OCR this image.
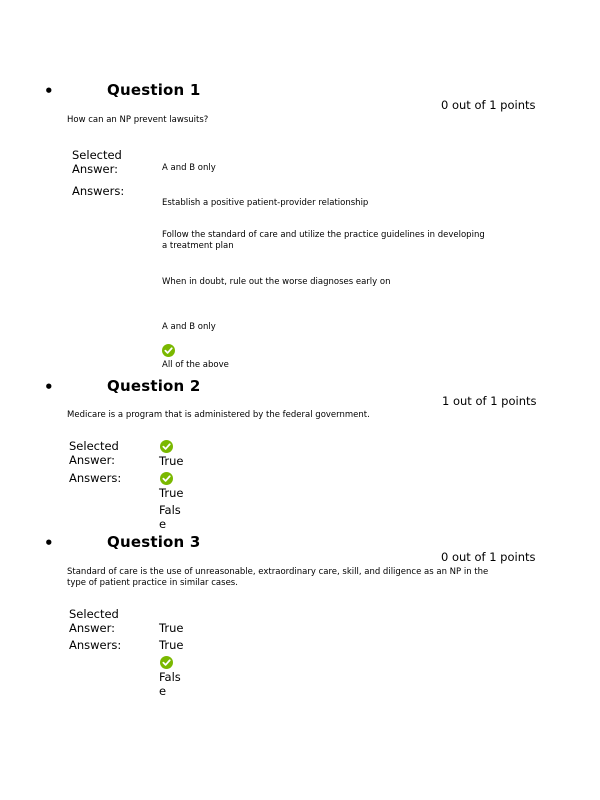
•	Question 1
0 out of 1 points
How can an NP prevent lawsuits?
Selected
Answer:	A and B only
Answers:
Establish a positive patient-provider relationship
Follow the standard of care and utilize the practice guidelines in developing a treatment plan
When in doubt, rule out the worse diagnoses early on
A and B only
All of the above
•	Question 2
1 out of 1 points
Medicare is a program that is administered by the federal government.
Selected
Answer:	True
Answers:
True
False
•	Question 3
0 out of 1 points
Standard of care is the use of unreasonable, extraordinary care, skill, and diligence as an NP in the type of patient practice in similar cases.
Selected
Answer:	True
Answers:	True
False
